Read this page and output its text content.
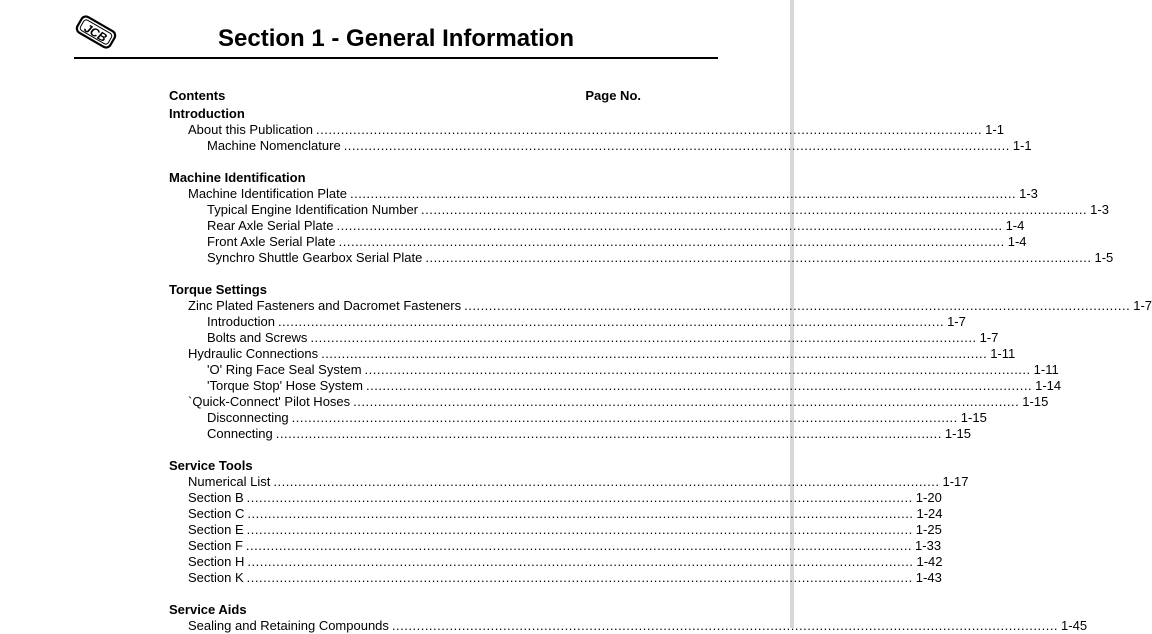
JCB	Section 1 - General Information
Contents	Page No.
Introduction
About this Publication .................................................................................................................................................................. 1-1
Machine Nomenclature .................................................................................................................................................................. 1-1
Machine Identification
Machine Identification Plate .................................................................................................................................................................. 1-3
Typical Engine Identification Number .................................................................................................................................................................. 1-3
Rear Axle Serial Plate .................................................................................................................................................................. 1-4
Front Axle Serial Plate .................................................................................................................................................................. 1-4
Synchro Shuttle Gearbox Serial Plate .................................................................................................................................................................. 1-5
Torque Settings
Zinc Plated Fasteners and Dacromet Fasteners .................................................................................................................................................................. 1-7
Introduction .................................................................................................................................................................. 1-7
Bolts and Screws .................................................................................................................................................................. 1-7
Hydraulic Connections .................................................................................................................................................................. 1-11
'O' Ring Face Seal System .................................................................................................................................................................. 1-11
'Torque Stop' Hose System .................................................................................................................................................................. 1-14
`Quick-Connect' Pilot Hoses .................................................................................................................................................................. 1-15
Disconnecting .................................................................................................................................................................. 1-15
Connecting .................................................................................................................................................................. 1-15
Service Tools
Numerical List .................................................................................................................................................................. 1-17
Section B .................................................................................................................................................................. 1-20
Section C .................................................................................................................................................................. 1-24
Section E .................................................................................................................................................................. 1-25
Section F .................................................................................................................................................................. 1-33
Section H .................................................................................................................................................................. 1-42
Section K .................................................................................................................................................................. 1-43
Service Aids
Sealing and Retaining Compounds .................................................................................................................................................................. 1-45
